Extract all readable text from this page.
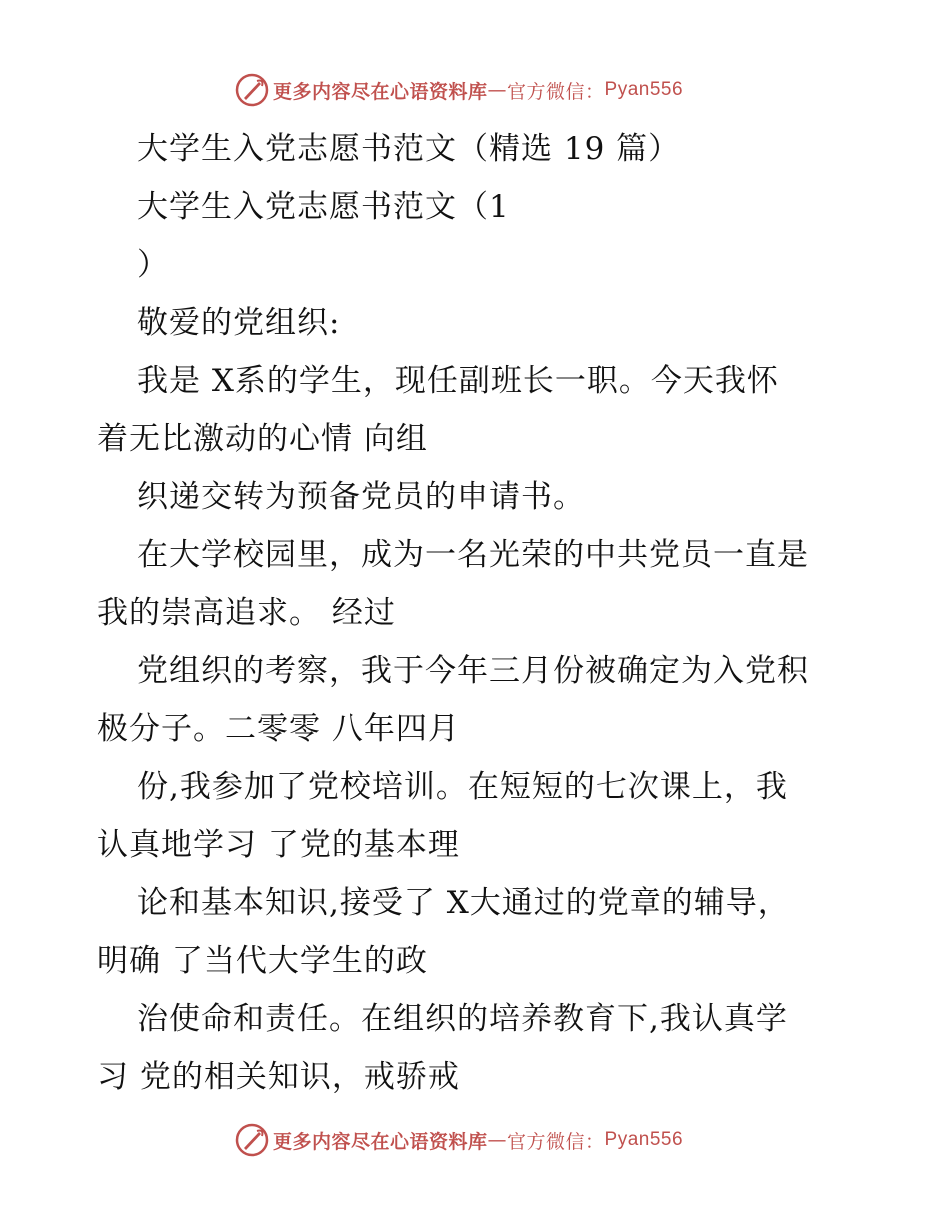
更多内容尽在心语资料库 — 官方微信： Pyan556
大学生入党志愿书范文（精选 19 篇）
大学生入党志愿书范文（1
）
敬爱的党组织:
我是 X系的学生，现任副班长一职。今天我怀
着无比激动的心情 向组
织递交转为预备党员的申请书。
在大学校园里，成为一名光荣的中共党员一直是
我的崇高追求。 经过
党组织的考察，我于今年三月份被确定为入党积
极分子。二零零 八年四月
份,我参加了党校培训。在短短的七次课上，我
认真地学习 了党的基本理
论和基本知识,接受了 X大通过的党章的辅导，
明确 了当代大学生的政
治使命和责任。在组织的培养教育下,我认真学
习 党的相关知识，戒骄戒
更多内容尽在心语资料库 — 官方微信： Pyan556
